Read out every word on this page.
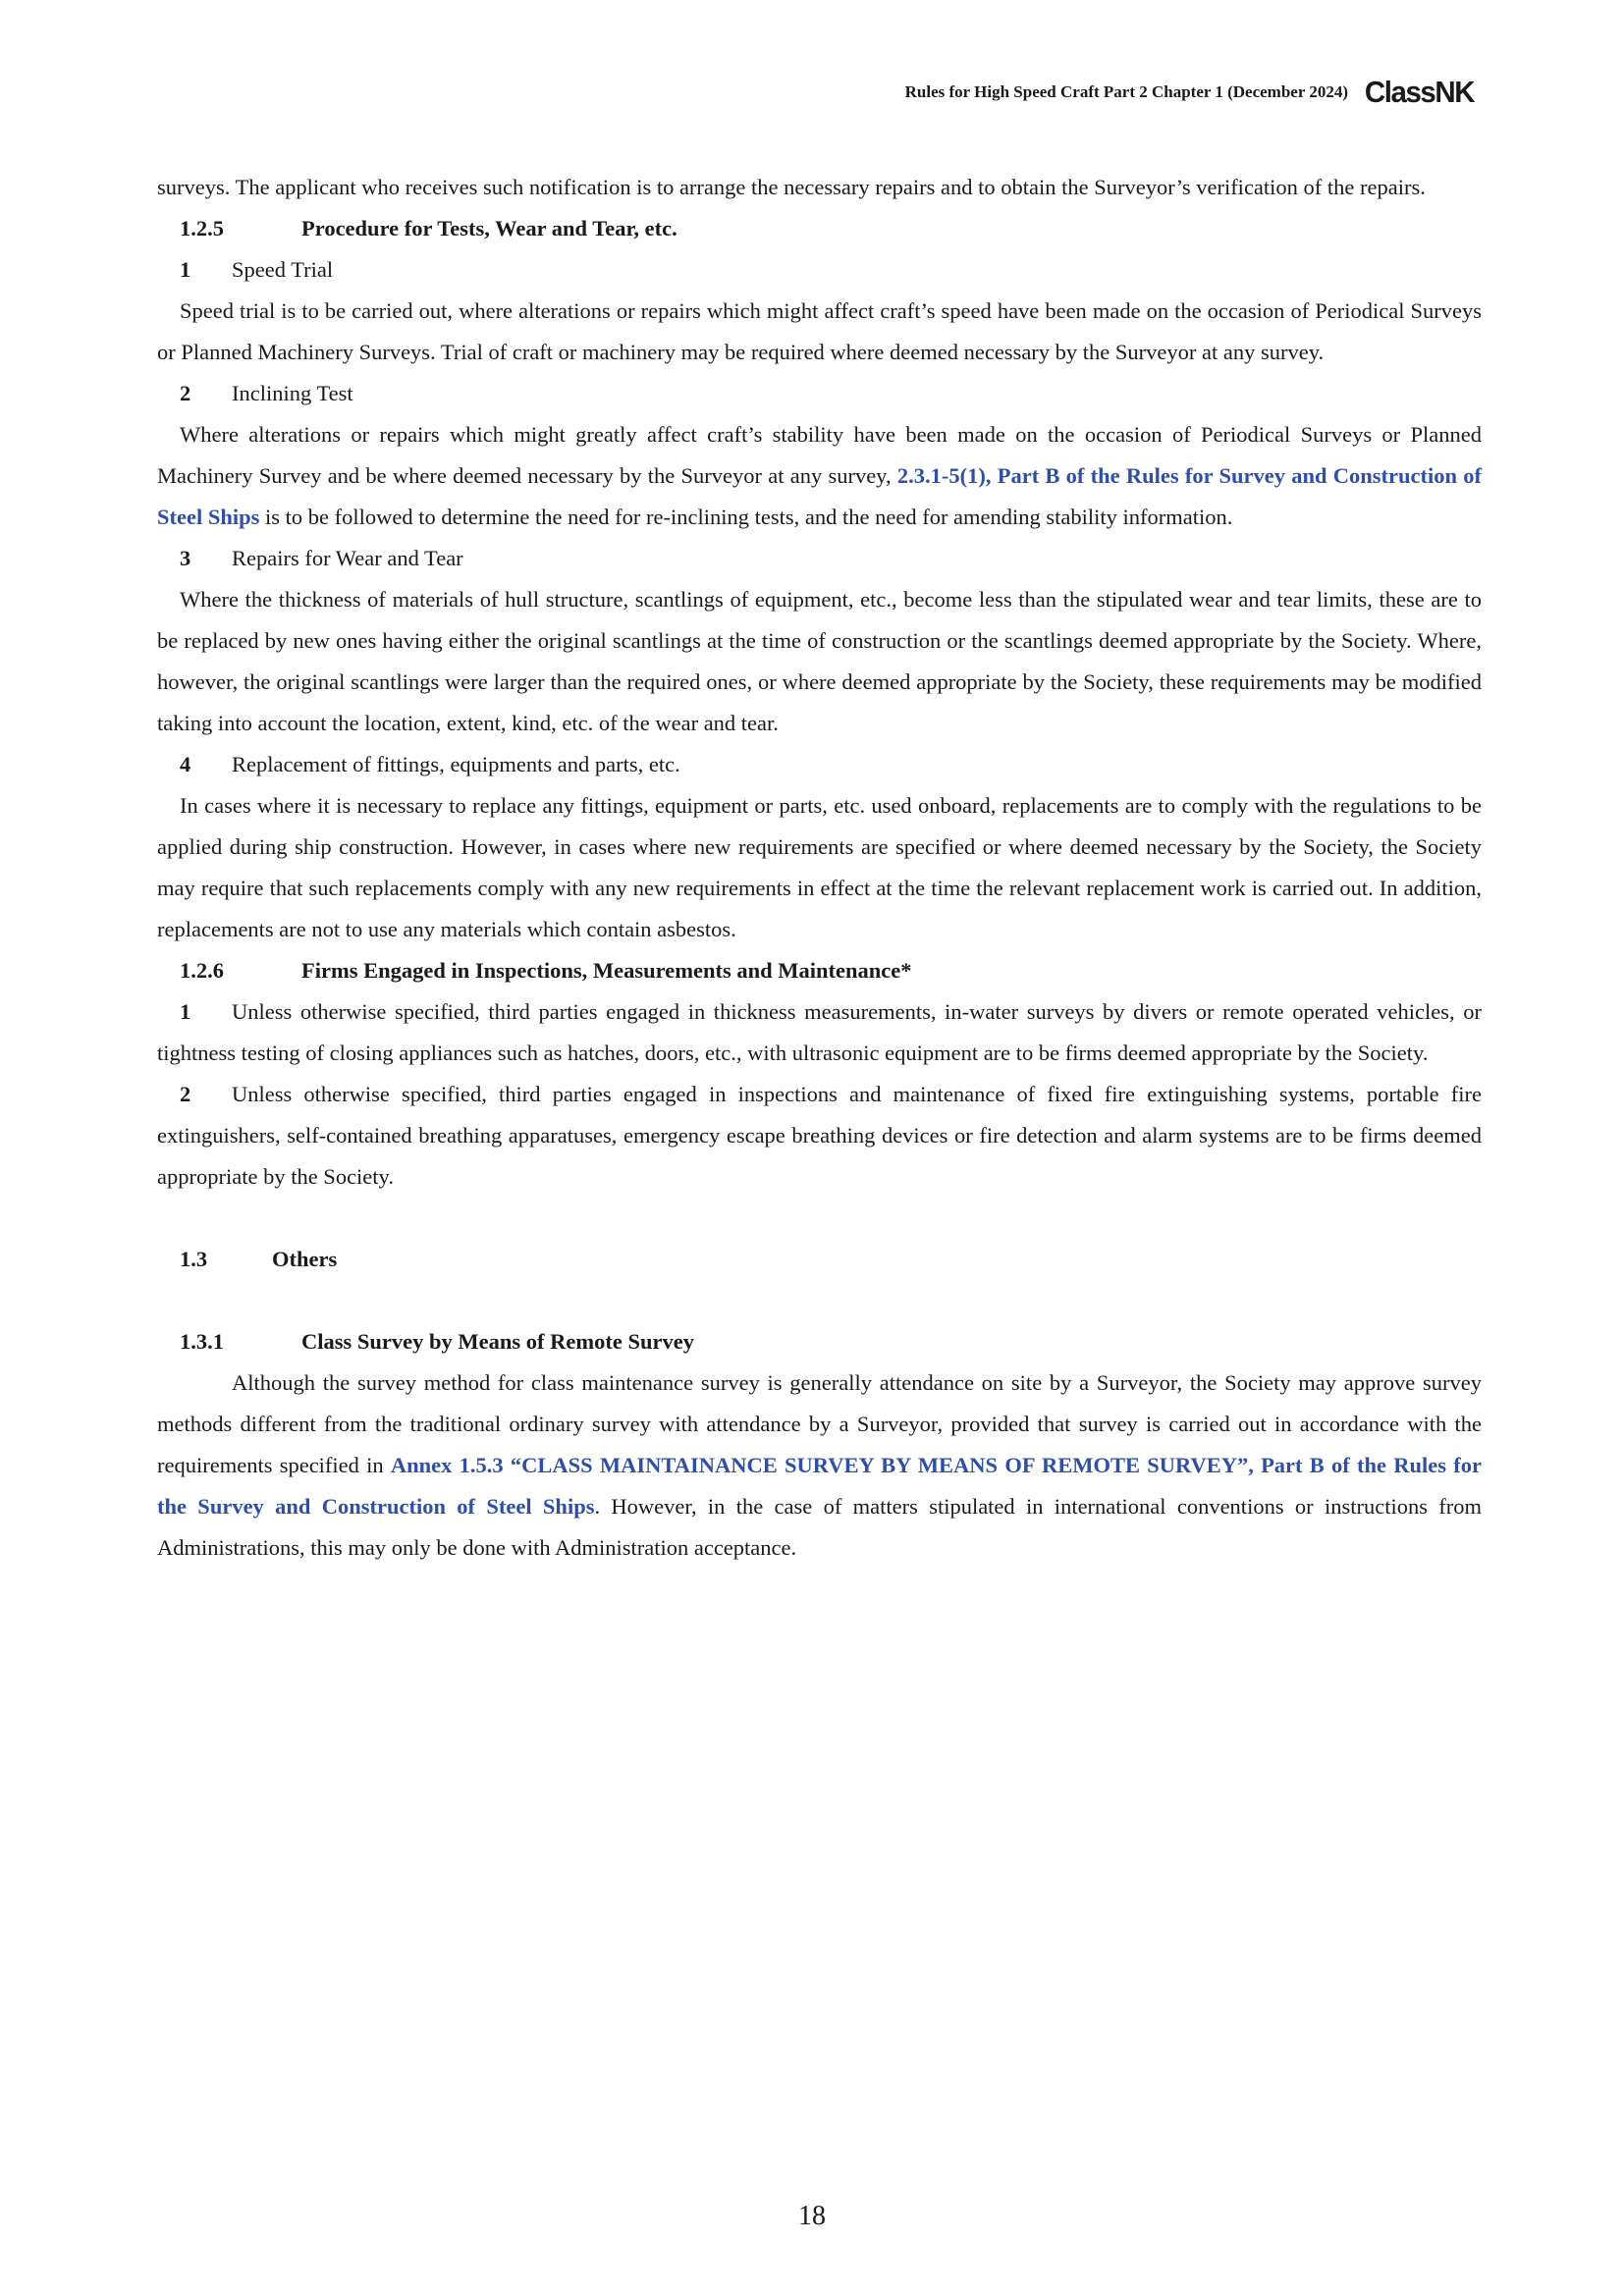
Rules for High Speed Craft Part 2 Chapter 1 (December 2024) ClassNK

surveys. The applicant who receives such notification is to arrange the necessary repairs and to obtain the Surveyor’s verification of the repairs.

1.2.5	Procedure for Tests, Wear and Tear, etc.

1 Speed Trial

Speed trial is to be carried out, where alterations or repairs which might affect craft’s speed have been made on the occasion of Periodical Surveys or Planned Machinery Surveys. Trial of craft or machinery may be required where deemed necessary by the Surveyor at any survey.

2 Inclining Test

Where alterations or repairs which might greatly affect craft’s stability have been made on the occasion of Periodical Surveys or Planned Machinery Survey and be where deemed necessary by the Surveyor at any survey, 2.3.1-5(1), Part B of the Rules for Survey and Construction of Steel Ships is to be followed to determine the need for re-inclining tests, and the need for amending stability information.

3 Repairs for Wear and Tear

Where the thickness of materials of hull structure, scantlings of equipment, etc., become less than the stipulated wear and tear limits, these are to be replaced by new ones having either the original scantlings at the time of construction or the scantlings deemed appropriate by the Society. Where, however, the original scantlings were larger than the required ones, or where deemed appropriate by the Society, these requirements may be modified taking into account the location, extent, kind, etc. of the wear and tear.

4 Replacement of fittings, equipments and parts, etc.

In cases where it is necessary to replace any fittings, equipment or parts, etc. used onboard, replacements are to comply with the regulations to be applied during ship construction. However, in cases where new requirements are specified or where deemed necessary by the Society, the Society may require that such replacements comply with any new requirements in effect at the time the relevant replacement work is carried out. In addition, replacements are not to use any materials which contain asbestos.

1.2.6	Firms Engaged in Inspections, Measurements and Maintenance*

1 Unless otherwise specified, third parties engaged in thickness measurements, in-water surveys by divers or remote operated vehicles, or tightness testing of closing appliances such as hatches, doors, etc., with ultrasonic equipment are to be firms deemed appropriate by the Society.

2 Unless otherwise specified, third parties engaged in inspections and maintenance of fixed fire extinguishing systems, portable fire extinguishers, self-contained breathing apparatuses, emergency escape breathing devices or fire detection and alarm systems are to be firms deemed appropriate by the Society.

1.3	Others

1.3.1	Class Survey by Means of Remote Survey

Although the survey method for class maintenance survey is generally attendance on site by a Surveyor, the Society may approve survey methods different from the traditional ordinary survey with attendance by a Surveyor, provided that survey is carried out in accordance with the requirements specified in Annex 1.5.3 “CLASS MAINTAINANCE SURVEY BY MEANS OF REMOTE SURVEY”, Part B of the Rules for the Survey and Construction of Steel Ships. However, in the case of matters stipulated in international conventions or instructions from Administrations, this may only be done with Administration acceptance.

18
